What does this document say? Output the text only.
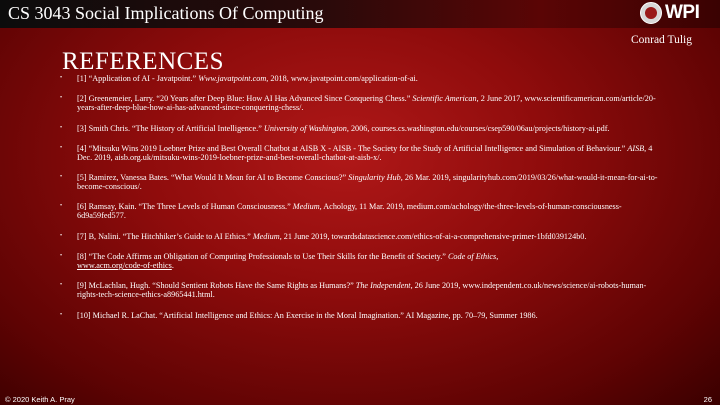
CS 3043 Social Implications Of Computing	WPI
Conrad Tulig
REFERENCES
• [1] “Application of AI - Javatpoint.” Www.javatpoint.com, 2018, www.javatpoint.com/application-of-ai.
• [2] Greenemeier, Larry. “20 Years after Deep Blue: How AI Has Advanced Since Conquering Chess.” Scientific American, 2 June 2017, www.scientificamerican.com/article/20-years-after-deep-blue-how-ai-has-advanced-since-conquering-chess/.
• [3] Smith Chris. “The History of Artificial Intelligence.” University of Washington, 2006, courses.cs.washington.edu/courses/csep590/06au/projects/history-ai.pdf.
• [4] “Mitsuku Wins 2019 Loebner Prize and Best Overall Chatbot at AISB X - AISB - The Society for the Study of Artificial Intelligence and Simulation of Behaviour.” AISB, 4 Dec. 2019, aisb.org.uk/mitsuku-wins-2019-loebner-prize-and-best-overall-chatbot-at-aisb-x/.
• [5] Ramirez, Vanessa Bates. “What Would It Mean for AI to Become Conscious?” Singularity Hub, 26 Mar. 2019, singularityhub.com/2019/03/26/what-would-it-mean-for-ai-to-become-conscious/.
• [6] Ramsay, Kain. “The Three Levels of Human Consciousness.” Medium, Achology, 11 Mar. 2019, medium.com/achology/the-three-levels-of-human-consciousness-6d9a59fed577.
• [7] B, Nalini. “The Hitchhiker’s Guide to AI Ethics.” Medium, 21 June 2019, towardsdatascience.com/ethics-of-ai-a-comprehensive-primer-1bfd039124b0.
• [8] “The Code Affirms an Obligation of Computing Professionals to Use Their Skills for the Benefit of Society.” Code of Ethics,
www.acm.org/code-of-ethics.
• [9] McLachlan, Hugh. “Should Sentient Robots Have the Same Rights as Humans?” The Independent, 26 June 2019, www.independent.co.uk/news/science/ai-robots-human-rights-tech-science-ethics-a8965441.html.
• [10] Michael R. LaChat. “Artificial Intelligence and Ethics: An Exercise in the Moral Imagination.” AI Magazine, pp. 70–79, Summer 1986.
© 2020 Keith A. Pray	26
